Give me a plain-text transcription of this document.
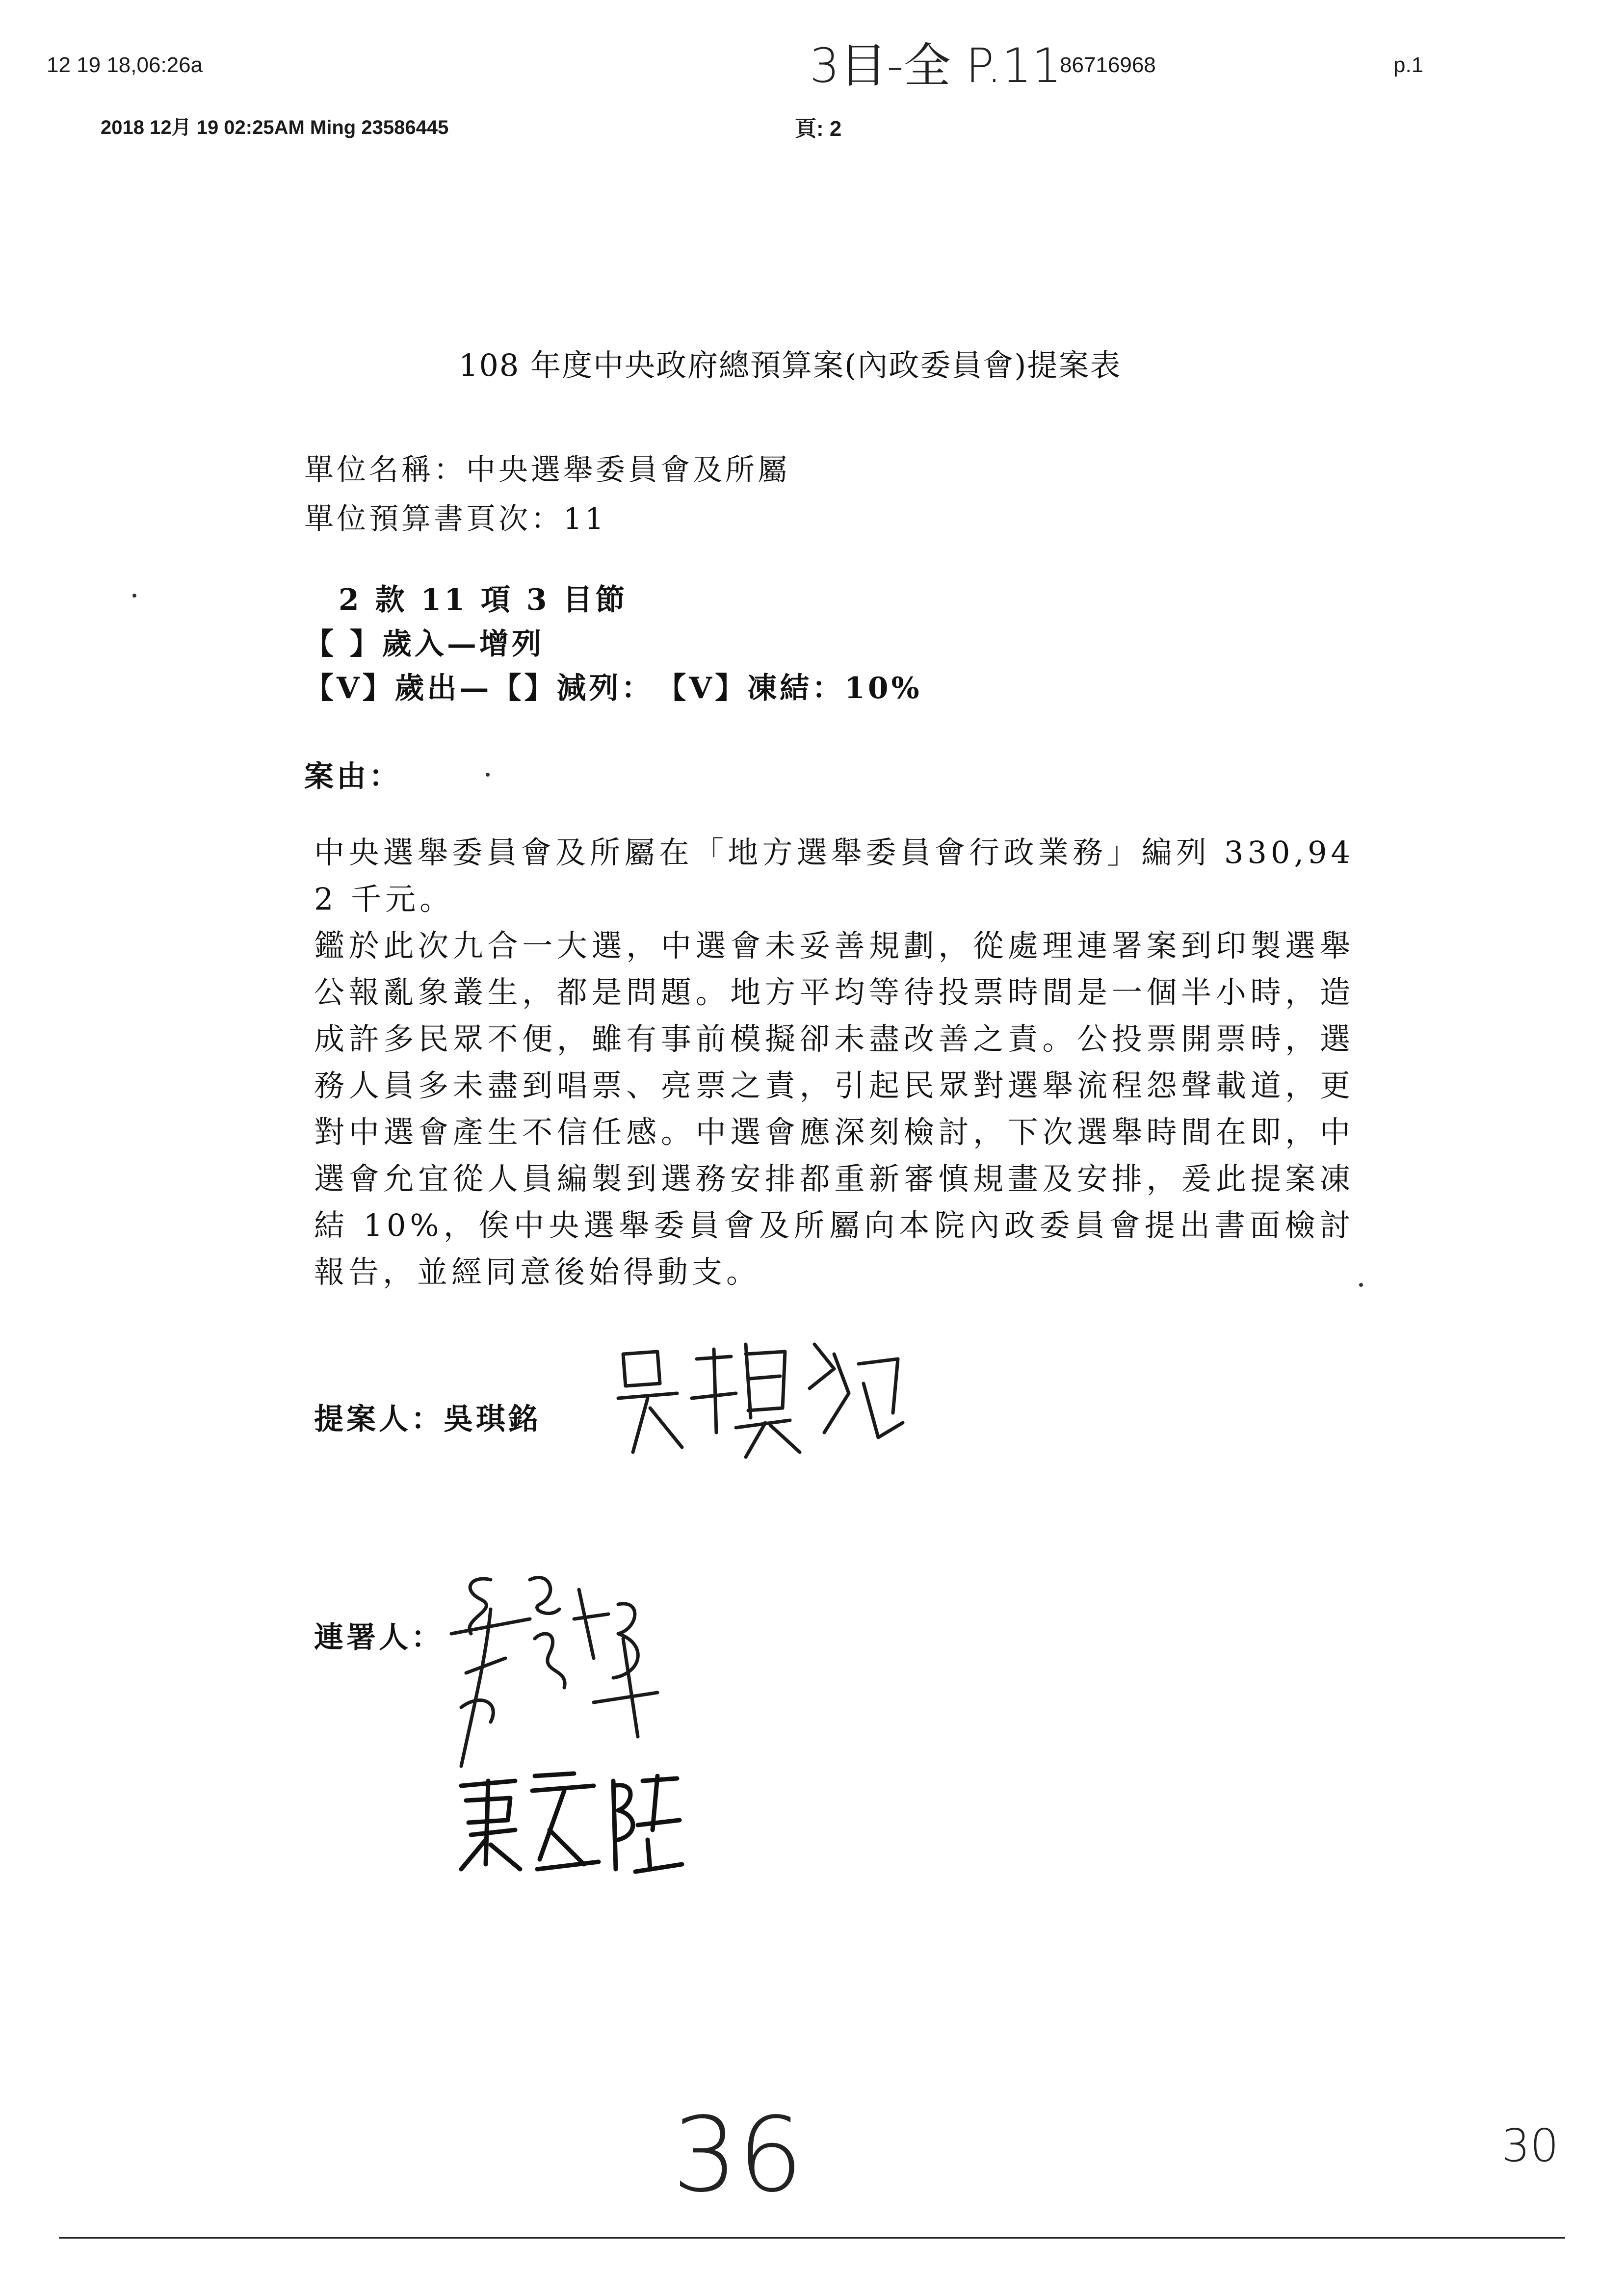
12 19 18,06:26a	3目-全 P.11
86716968	p.1
2018 12月 19 02:25AM Ming 23586445	頁: 2
108 年度中央政府總預算案(內政委員會)提案表
單位名稱：中央選舉委員會及所屬
單位預算書頁次：11
2 款 11 項 3 目節
【 】歲入—增列
【V】歲出—【】減列：　【V】凍結：10%
案由：

中央選舉委員會及所屬在「地方選舉委員會行政業務」編列 330,942 千元。

鑑於此次九合一大選，中選會未妥善規劃，從處理連署案到印製選舉公報亂象叢生，都是問題。地方平均等待投票時間是一個半小時，造成許多民眾不便，雖有事前模擬卻未盡改善之責。公投票開票時，選務人員多未盡到唱票、亮票之責，引起民眾對選舉流程怨聲載道，更對中選會產生不信任感。中選會應深刻檢討，下次選舉時間在即，中選會允宜從人員編製到選務安排都重新審慎規畫及安排，爰此提案凍結 10%，俟中央選舉委員會及所屬向本院內政委員會提出書面檢討報告，並經同意後始得動支。

提案人：吳琪銘
連署人：
36	30
